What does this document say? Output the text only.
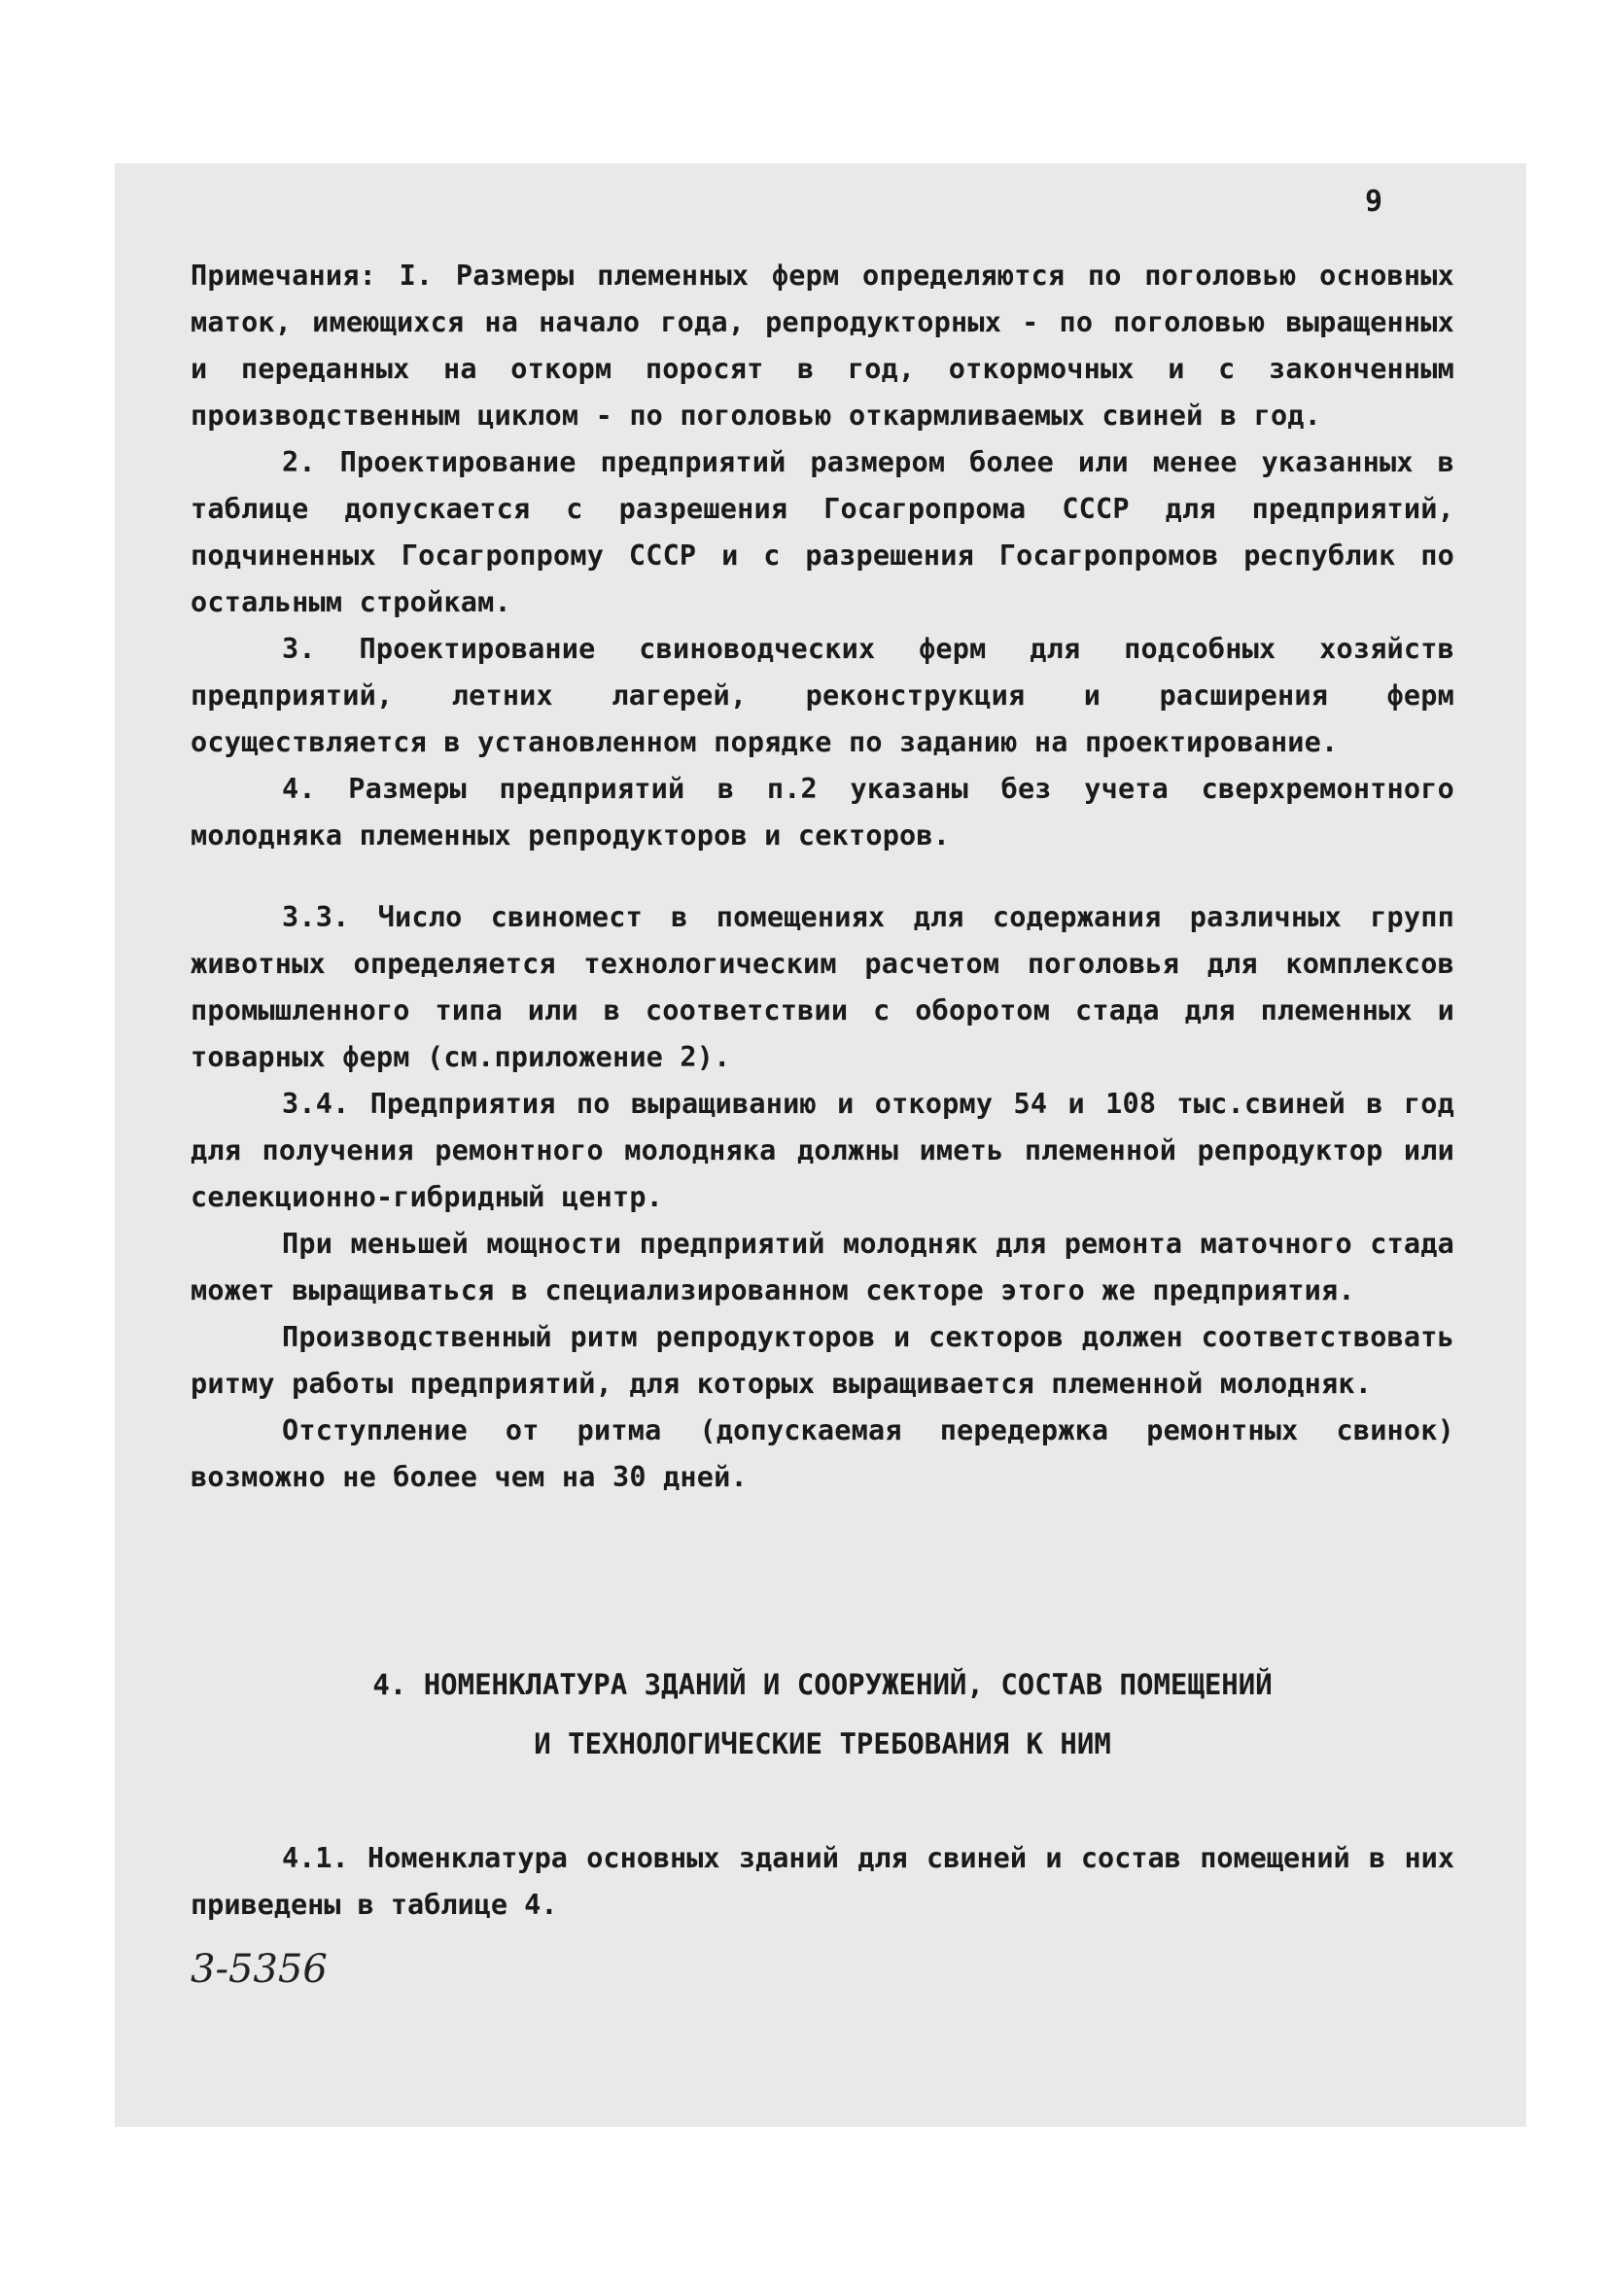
9

Примечания: I. Размеры племенных ферм определяются по поголовью основных маток, имеющихся на начало года, репродукторных - по поголовью выращенных и переданных на откорм поросят в год, откормочных и с законченным производственным циклом - по поголовью откармливаемых свиней в год.

2. Проектирование предприятий размером более или менее указанных в таблице допускается с разрешения Госагропрома СССР для предприятий, подчиненных Госагропрому СССР и с разрешения Госагропромов республик по остальным стройкам.

3. Проектирование свиноводческих ферм для подсобных хозяйств предприятий, летних лагерей, реконструкция и расширения ферм осуществляется в установленном порядке по заданию на проектирование.

4. Размеры предприятий в п.2 указаны без учета сверхремонтного молодняка племенных репродукторов и секторов.

3.3. Число свиномест в помещениях для содержания различных групп животных определяется технологическим расчетом поголовья для комплексов промышленного типа или в соответствии с оборотом стада для племенных и товарных ферм (см.приложение 2).

3.4. Предприятия по выращиванию и откорму 54 и 108 тыс.свиней в год для получения ремонтного молодняка должны иметь племенной репродуктор или селекционно-гибридный центр.

При меньшей мощности предприятий молодняк для ремонта маточного стада может выращиваться в специализированном секторе этого же предприятия.

Производственный ритм репродукторов и секторов должен соответствовать ритму работы предприятий, для которых выращивается племенной молодняк.

Отступление от ритма (допускаемая передержка ремонтных свинок) возможно не более чем на 30 дней.

4. НОМЕНКЛАТУРА ЗДАНИЙ И СООРУЖЕНИЙ, СОСТАВ ПОМЕЩЕНИЙ
И ТЕХНОЛОГИЧЕСКИЕ ТРЕБОВАНИЯ К НИМ

4.1. Номенклатура основных зданий для свиней и состав помещений в них приведены в таблице 4.

3-5356
